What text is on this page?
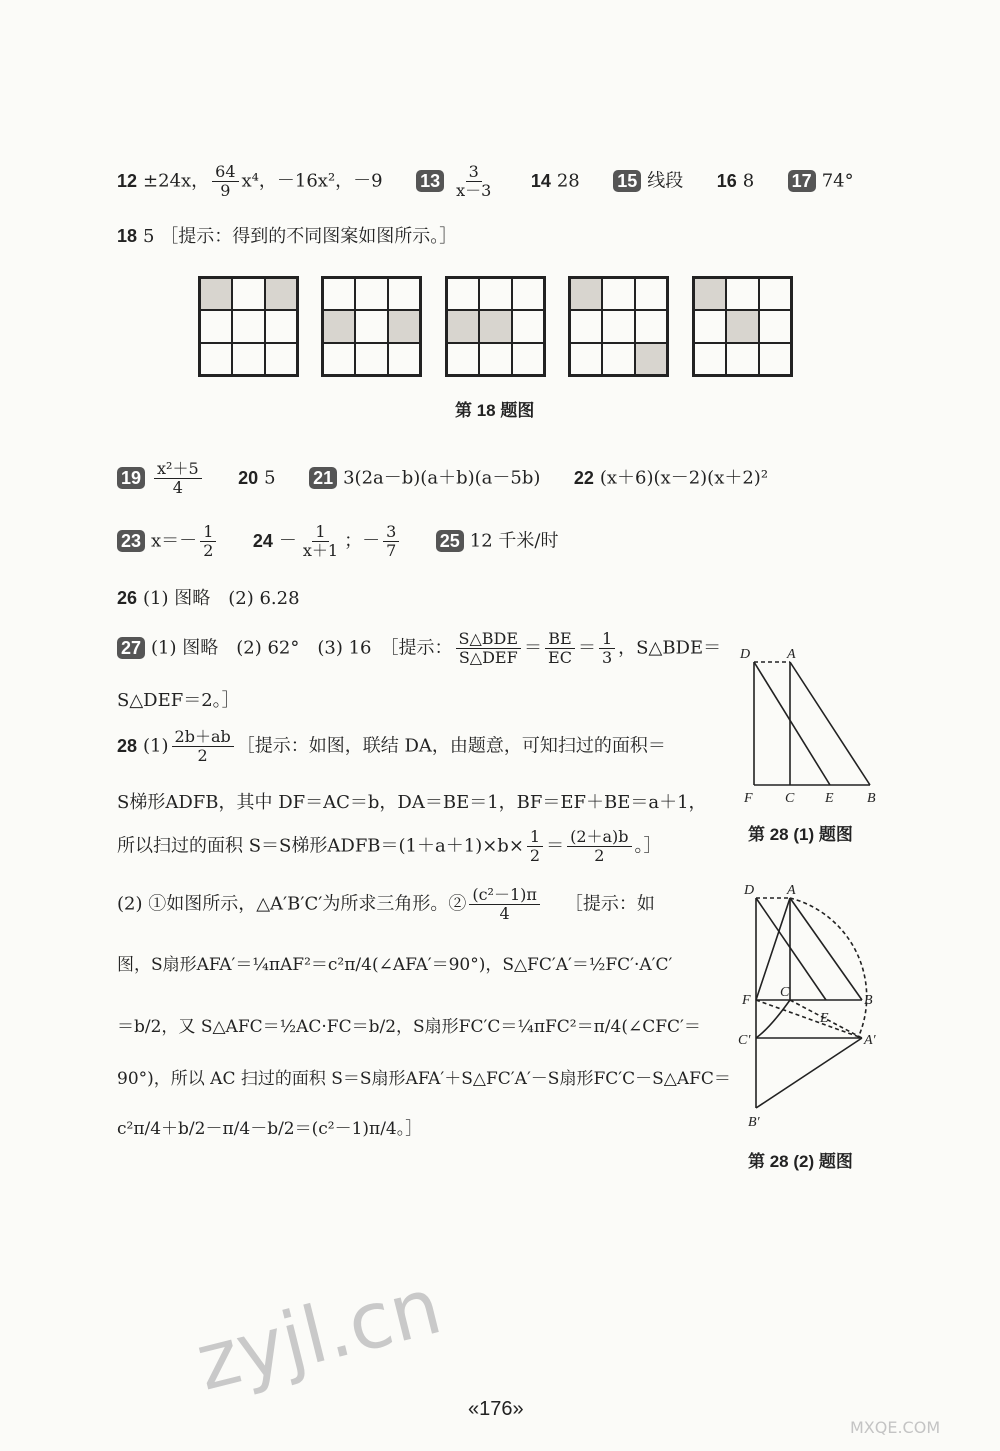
12 ±24x， $\frac{64}{9} x^4$，－16x²，－9 $13 \frac{3}{x-3} 14$ 28 15 线段 16 8 17 74°
18 5 ［提示：得到的不同图案如图所示。］
第 18 题图
$19 \frac{\text{x²＋5}}{4} 20$ 5 21 3(2a－b)(a＋b)(a－5b) 22 (x＋6)(x－2)(x＋2)²
23 $x=- \frac{1}{2} 24 - \frac{1}{x+1}$ ；－ $\frac{3}{7} 25$ 12 千米/时
26 (1) 图略　(2) 6.28
27 (1) 图略　(2) 62°　(3) 16　［提示： $\frac{\text{S△BDE}}{\text{S△DEF}} = \frac{BE}{EC} = \frac{1}{3}$ ，S△BDE＝
S△DEF＝2。］
28 $(1) \frac{2b+ab}{2}$ ［提示：如图，联结 DA，由题意，可知扫过的面积＝
S梯形ADFB，其中 DF＝AC＝b，DA＝BE＝1，BF＝EF＋BE＝a＋1，
所以扫过的面积 S＝S梯形ADFB＝(1＋a＋1)×b× $\frac{1}{2} = \frac{(2+a)b}{2}$ 。］
(2) ①如图所示，△A′B′C′为所求三角形。② $\frac{\text{(c²－1)π}}{4}$ ［提示：如
图，S扇形AFA′＝¼πAF²＝c²π/4(∠AFA′＝90°)，S△FC′A′＝½FC′·A′C′
＝b/2，又 S△AFC＝½AC·FC＝b/2，S扇形FC′C＝¼πFC²＝π/4(∠CFC′＝
90°)，所以 AC 扫过的面积 S＝S扇形AFA′＋S△FC′A′－S扇形FC′C－S△AFC＝
c²π/4＋b/2－π/4－b/2＝(c²－1)π/4。］
D	A
F C E B
第 28 (1) 题图
D A
F
C
B
E
C′	A′
B′
第 28 (2) 题图
zyjl.cn
«176»
MXQE.COM
